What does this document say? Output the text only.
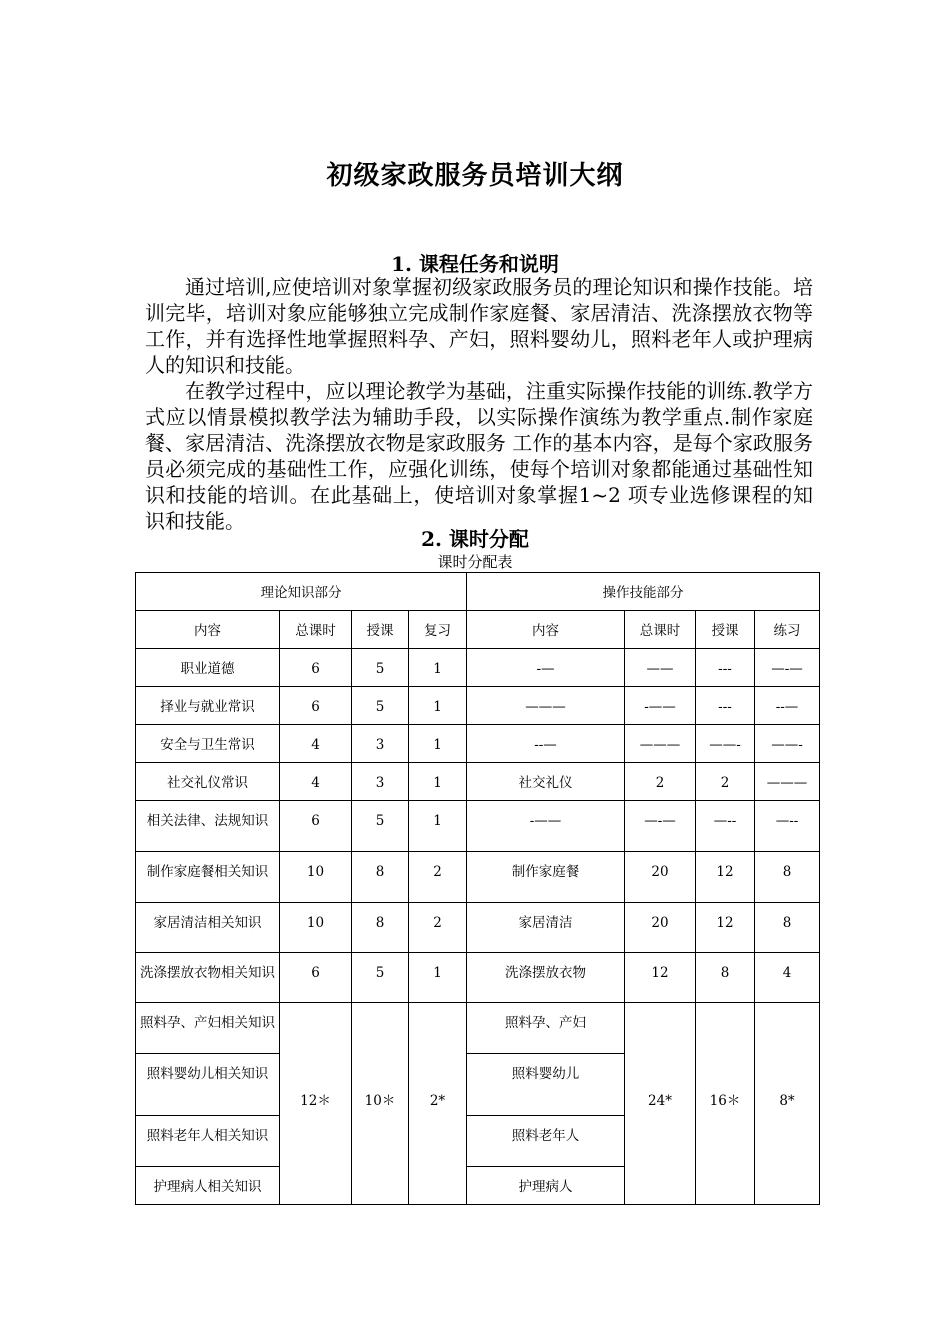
初级家政服务员培训大纲
1. 课程任务和说明

通过培训,应使培训对象掌握初级家政服务员的理论知识和操作技能。培训完毕，培训对象应能够独立完成制作家庭餐、家居清洁、洗涤摆放衣物等工作，并有选择性地掌握照料孕、产妇，照料婴幼儿，照料老年人或护理病人的知识和技能。

在教学过程中，应以理论教学为基础，注重实际操作技能的训练.教学方式应以情景模拟教学法为辅助手段，以实际操作演练为教学重点.制作家庭餐、家居清洁、洗涤摆放衣物是家政服务 工作的基本内容，是每个家政服务员必须完成的基础性工作，应强化训练，使每个培训对象都能通过基础性知识和技能的培训。在此基础上，使培训对象掌握1~2 项专业选修课程的知识和技能。

2. 课时分配
课时分配表
理论知识部分				操作技能部分			
内容	总课时	授课	复习	内容	总课时	授课	练习
职业道德	6	5	1	-—	——	---	—-—
择业与就业常识	6	5	1	———	-——	---	--—
安全与卫生常识	4	3	1	--—	———	——-	——-
社交礼仪常识	4	3	1	社交礼仪	2	2	———
相关法律、法规知识	6	5	1	-——	—-—	—--	—--
制作家庭餐相关知识	10	8	2	制作家庭餐	20	12	8
家居清洁相关知识	10	8	2	家居清洁	20	12	8
洗涤摆放衣物相关知识	6	5	1	洗涤摆放衣物	12	8	4
照料孕、产妇相关知识	12＊	10＊	2*	照料孕、产妇	24*	16＊	8*
照料婴幼儿相关知识				照料婴幼儿			
照料老年人相关知识				照料老年人			
护理病人相关知识				护理病人			
